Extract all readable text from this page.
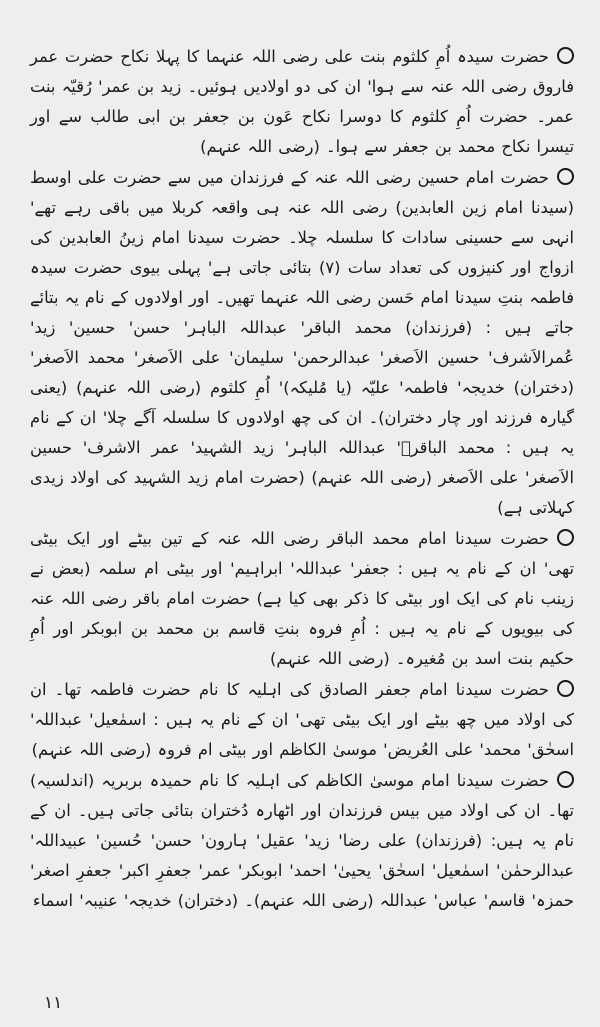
حضرت سیدہ اُمِ کلثوم بنت علی رضی اللہ عنہما کا پہلا نکاح حضرت عمر فاروق رضی اللہ عنہ سے ہوا' ان کی دو اولادیں ہوئیں۔ زید بن عمر' رُقیّہ بنت عمر۔ حضرت اُمِ کلثوم کا دوسرا نکاح عَون بن جعفر بن ابی طالب سے اور تیسرا نکاح محمد بن جعفر سے ہوا۔ (رضی اللہ عنہم)

حضرت امام حسین رضی اللہ عنہ کے فرزندان میں سے حضرت علی اوسط (سیدنا امام زین العابدین) رضی اللہ عنہ ہی واقعہ کربلا میں باقی رہے تھے' انہی سے حسینی سادات کا سلسلہ چلا۔ حضرت سیدنا امام زینُ العابدین کی ازواج اور کنیزوں کی تعداد سات (۷) بتائی جاتی ہے' پہلی بیوی حضرت سیدہ فاطمہ بنتِ سیدنا امام حَسن رضی اللہ عنہما تھیں۔ اور اولادوں کے نام یہ بتائے جاتے ہیں : (فرزندان) محمد الباقر' عبداللہ الباہر' حسن' حسین' زید' عُمرالاَشرف' حسین الاَصغر' عبدالرحمن' سلیمان' علی الاَصغر' محمد الاَصغر' (دختران) خدیجہ' فاطمہ' علیّہ (یا مُلیکہ)' اُمِ کلثوم (رضی اللہ عنہم) (یعنی گیارہ فرزند اور چار دختران)۔ ان کی چھ اولادوں کا سلسلہ آگے چلا' ان کے نام یہ ہیں : محمد الباقرؒ' عبداللہ الباہر' زید الشہید' عمر الاشرف' حسین الاَصغر' علی الاَصغر (رضی اللہ عنہم) (حضرت امام زید الشہید کی اولاد زیدی کہلاتی ہے)

حضرت سیدنا امام محمد الباقر رضی اللہ عنہ کے تین بیٹے اور ایک بیٹی تھی' ان کے نام یہ ہیں : جعفر' عبداللہ' ابراہیم' اور بیٹی ام سلمہ (بعض نے زینب نام کی ایک اور بیٹی کا ذکر بھی کیا ہے) حضرت امام باقر رضی اللہ عنہ کی بیویوں کے نام یہ ہیں : اُمِ فروہ بنتِ قاسم بن محمد بن ابوبکر اور اُمِ حکیم بنت اسد بن مُغیرہ۔ (رضی اللہ عنہم)

حضرت سیدنا امام جعفر الصادق کی اہلیہ کا نام حضرت فاطمہ تھا۔ ان کی اولاد میں چھ بیٹے اور ایک بیٹی تھی' ان کے نام یہ ہیں : اسمٰعیل' عبداللہ' اسحٰق' محمد' علی العُریض' موسیٰ الکاظم اور بیٹی ام فروہ (رضی اللہ عنہم)

حضرت سیدنا امام موسیٰ الکاظم کی اہلیہ کا نام حمیدہ بربریہ (اندلسیہ) تھا۔ ان کی اولاد میں بیس فرزندان اور اٹھارہ دُختران بتائی جاتی ہیں۔ ان کے نام یہ ہیں: (فرزندان) علی رضا' زید' عقیل' ہارون' حسن' حُسین' عبیداللہ' عبدالرحمٰن' اسمٰعیل' اسحٰق' یحییٰ' احمد' ابوبکر' عمر' جعفرِ اکبر' جعفرِ اصغر' حمزہ' قاسم' عباس' عبداللہ (رضی اللہ عنہم)۔ (دختران) خدیجہ' عنیبہ' اسماء

۱۱
